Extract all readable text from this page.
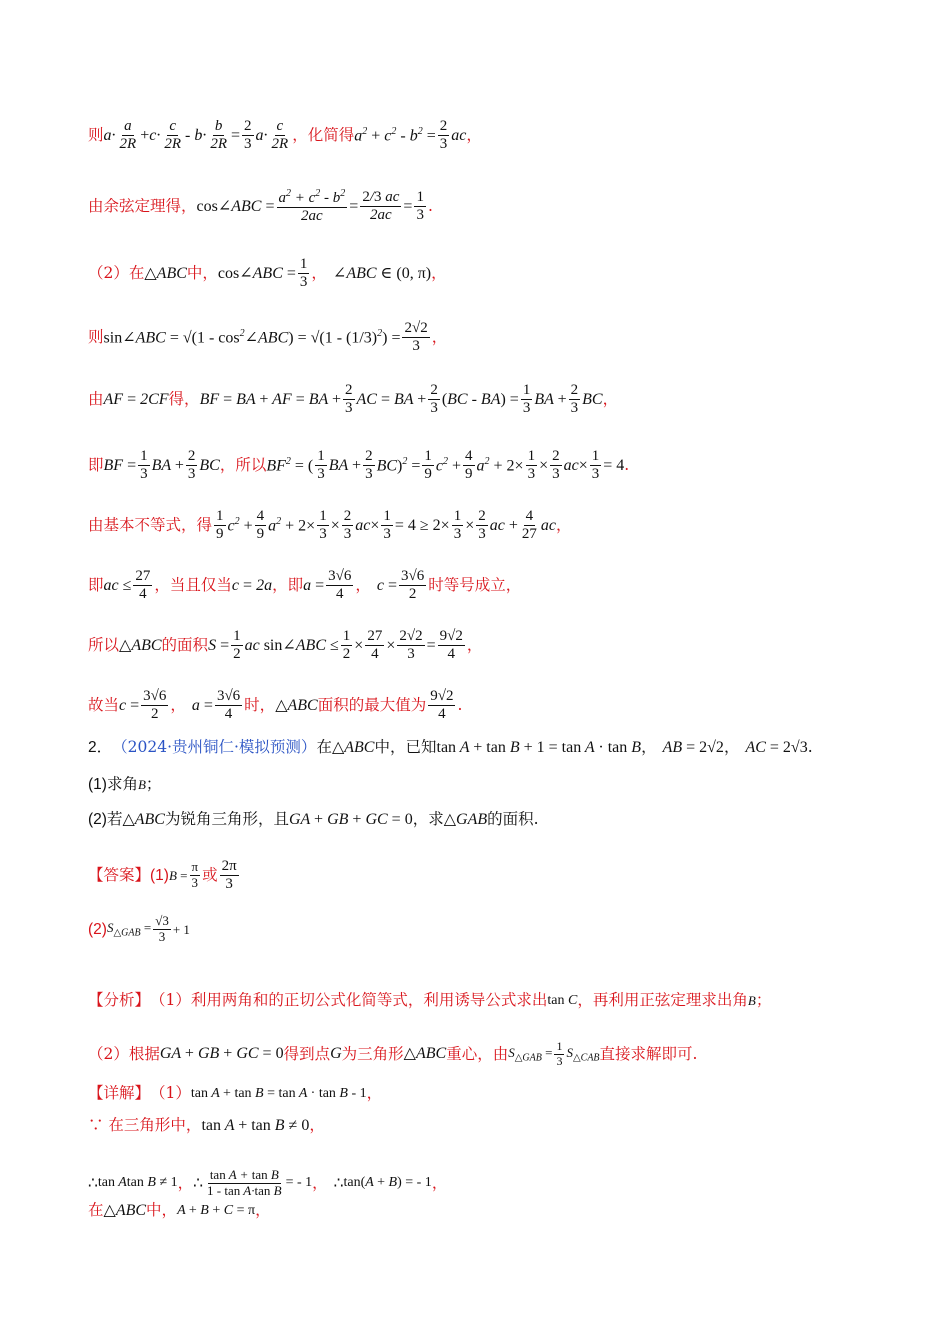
则 $a\cdot \frac{a}{2R} +c\cdot \frac{c}{2R} - b\cdot \frac{b}{2R} = \frac{2}{3} a\cdot \frac{c}{2R}$ ， 化简得 $a^2 + c^2 - b^2 = \frac{2}{3}$ ac ，
由余弦定理得， cos∠ABC = $\frac{a^2 + c^2 - b^2}{2ac} = \frac{2/3 ac}{2ac} = \frac{1}{3}$ .
（2）在 △ABC 中， cos∠ABC = $\frac{1}{3}$ ， ∠ABC ∈ (0, π) ，
则 sin∠ABC = $√(1 - \cos^2\angle ABC) = √(1 - (1/3)^2) = \frac{2√2}{3}$ ，
由 AF = 2CF 得， BF = BA + AF = BA + $\frac{2}{3}$ AC = BA + $\frac{2}{3} (BC - BA) = \frac{1}{3}$ BA + $\frac{2}{3}$ BC ，
即 BF = $\frac{1}{3}$ BA + $\frac{2}{3}$ BC ，所以 $BF^2$ = ( $\frac{1}{3}$ BA + $\frac{2}{3} BC)^2 = \frac{1}{9} c^2 + \frac{4}{9} a^2 + 2\times \frac{1}{3} \times \frac{2}{3} ac\times \frac{1}{3} = 4$ .
由基本不等式，得 $\frac{1}{9} c^2 + \frac{4}{9} a^2 + 2\times \frac{1}{3} \times \frac{2}{3} ac\times \frac{1}{3} = 4 \ge 2\times \frac{1}{3} \times \frac{2}{3}$ ac + $\frac{4}{27}$ ac ，
即 ac ≤ $\frac{27}{4}$ ，当且仅当 c = 2a ，即 $a = \frac{3√6}{4}$ ， $c = \frac{3√6}{2}$ 时等号成立，
所以 △ABC 的面积 $S = \frac{1}{2}$ ac sin∠ABC ≤ $\frac{1}{2} \times \frac{27}{4} \times \frac{2√2}{3} = \frac{9√2}{4}$ ，
故当 $c = \frac{3√6}{2}$ ， $a = \frac{3√6}{4}$ 时， △ABC 面积的最大值为 $\frac{9√2}{4}$ .
2． （2024·贵州铜仁·模拟预测） 在 △ABC 中，已知 tan A + tan B + 1 = tan A · tan B ， AB = 2√2 ， AC = 2√3 .
(1)求角 B ；
(2)若 △ABC 为锐角三角形，且 GA + GB + GC = 0 ，求 △GAB 的面积.
【答案】 (1) $B = \frac{\pi}{3}$ 或 $\frac{2\pi}{3}$
(2) $S_{\triangle GAB} = \frac{√3}{3} + 1$
【分析】 （1）利用两角和的正切公式化简等式，利用诱导公式求出 tan C ，再利用正弦定理求出角 B ；
（2）根据 GA + GB + GC = 0 得到点 G 为三角形 △ABC 重心，由 $S_{\triangle GAB} = \frac{1}{3} S_{\triangle CAB}$ 直接求解即可.
【详解】 （1） tan A + tan B = tan A · tan B - 1 ，
∵ 在三角形中， tan A + tan B ≠ 0 ，
∴ tan Atan B ≠ 1 ， ∴ $\frac{\text{tan A + tan B}}{\text{1 - tan A·tan B}}$ = - 1 ， ∴ tan(A + B) = - 1 ，
在 △ABC 中， A + B + C = π ，
